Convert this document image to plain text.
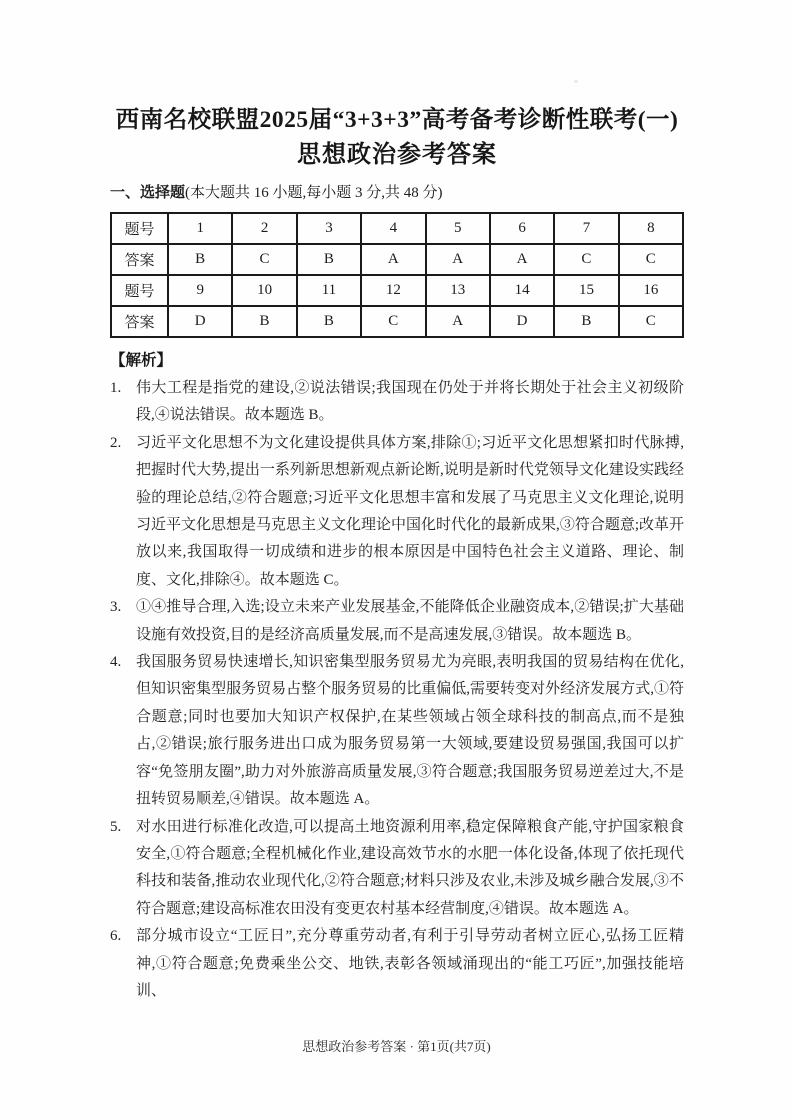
西南名校联盟2025届“3+3+3”高考备考诊断性联考(一)
思想政治参考答案
一、选择题(本大题共 16 小题,每小题 3 分,共 48 分)
题号	1	2	3	4	5	6	7	8
答案	B	C	B	A	A	A	C	C
题号	9	10	11	12	13	14	15	16
答案	D	B	B	C	A	D	B	C
【解析】
1. 伟大工程是指党的建设,②说法错误;我国现在仍处于并将长期处于社会主义初级阶段,④说法错误。故本题选 B。
2. 习近平文化思想不为文化建设提供具体方案,排除①;习近平文化思想紧扣时代脉搏,把握时代大势,提出一系列新思想新观点新论断,说明是新时代党领导文化建设实践经验的理论总结,②符合题意;习近平文化思想丰富和发展了马克思主义文化理论,说明习近平文化思想是马克思主义文化理论中国化时代化的最新成果,③符合题意;改革开放以来,我国取得一切成绩和进步的根本原因是中国特色社会主义道路、理论、制度、文化,排除④。故本题选 C。
3. ①④推导合理,入选;设立未来产业发展基金,不能降低企业融资成本,②错误;扩大基础设施有效投资,目的是经济高质量发展,而不是高速发展,③错误。故本题选 B。
4. 我国服务贸易快速增长,知识密集型服务贸易尤为亮眼,表明我国的贸易结构在优化,但知识密集型服务贸易占整个服务贸易的比重偏低,需要转变对外经济发展方式,①符合题意;同时也要加大知识产权保护,在某些领域占领全球科技的制高点,而不是独占,②错误;旅行服务进出口成为服务贸易第一大领域,要建设贸易强国,我国可以扩容“免签朋友圈”,助力对外旅游高质量发展,③符合题意;我国服务贸易逆差过大,不是扭转贸易顺差,④错误。故本题选 A。
5. 对水田进行标准化改造,可以提高土地资源利用率,稳定保障粮食产能,守护国家粮食安全,①符合题意;全程机械化作业,建设高效节水的水肥一体化设备,体现了依托现代科技和装备,推动农业现代化,②符合题意;材料只涉及农业,未涉及城乡融合发展,③不符合题意;建设高标准农田没有变更农村基本经营制度,④错误。故本题选 A。
6. 部分城市设立“工匠日”,充分尊重劳动者,有利于引导劳动者树立匠心,弘扬工匠精神,①符合题意;免费乘坐公交、地铁,表彰各领域涌现出的“能工巧匠”,加强技能培训、
思想政治参考答案 · 第1页(共7页)
